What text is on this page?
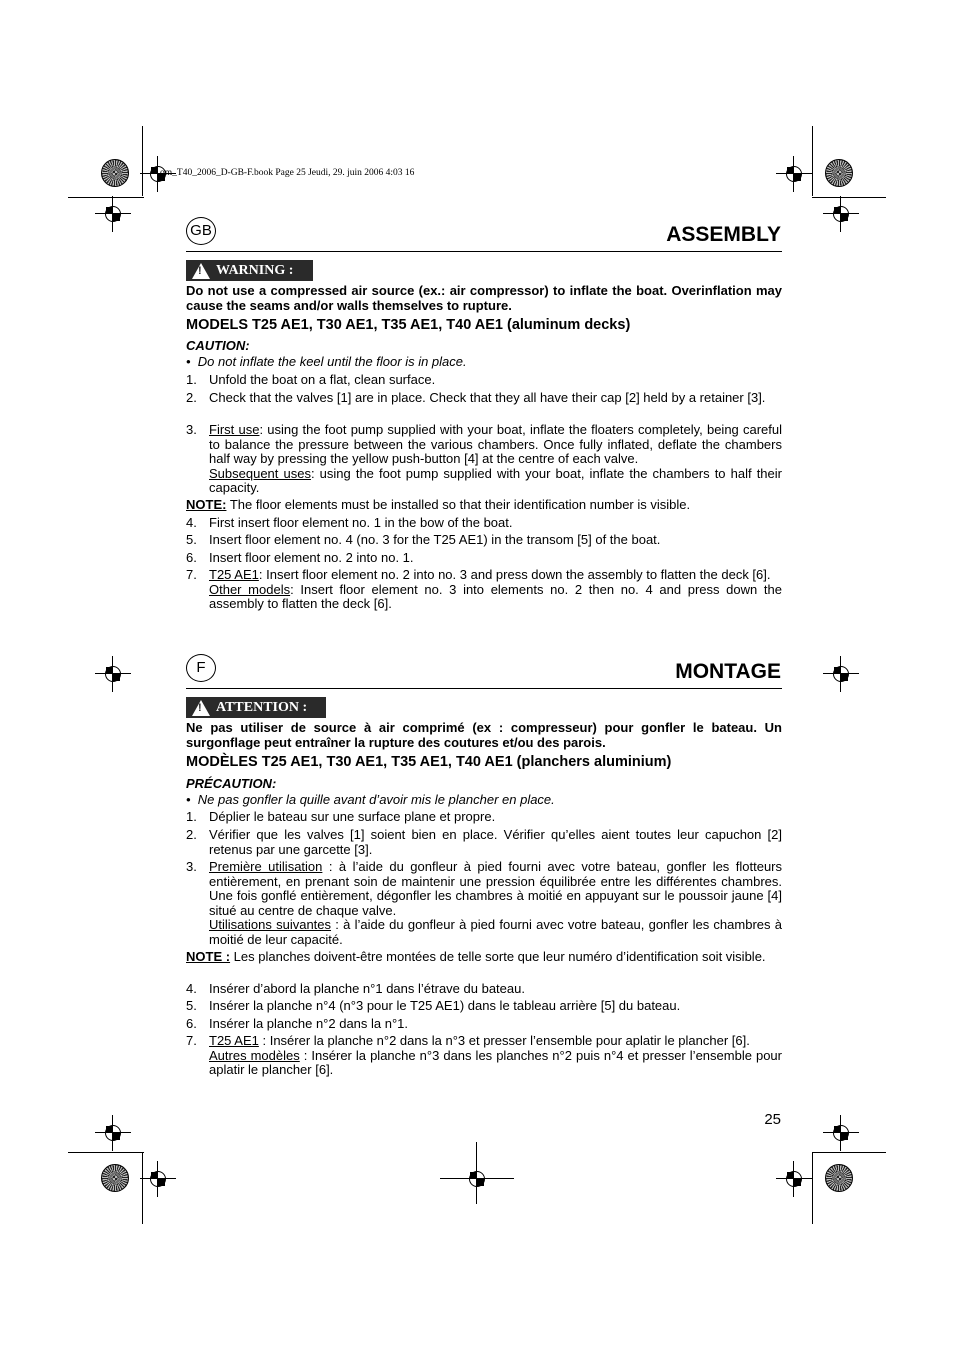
om_T40_2006_D-GB-F.book Page 25 Jeudi, 29. juin 2006 4:03 16
GB	ASSEMBLY
!
WARNING :
Do not use a compressed air source (ex.: air compressor) to inflate the boat. Overinflation may cause the seams and/or walls themselves to rupture.
MODELS T25 AE1, T30 AE1, T35 AE1, T40 AE1 (aluminum decks)
CAUTION:
• Do not inflate the keel until the floor is in place.
1. Unfold the boat on a flat, clean surface.
2. Check that the valves [1] are in place. Check that they all have their cap [2] held by a retainer [3].
3. First use: using the foot pump supplied with your boat, inflate the floaters completely, being careful to balance the pressure between the various chambers. Once fully inflated, deflate the chambers half way by pressing the yellow push-button [4] at the centre of each valve.
Subsequent uses: using the foot pump supplied with your boat, inflate the chambers to half their capacity.
NOTE: The floor elements must be installed so that their identification number is visible.
4. First insert floor element no. 1 in the bow of the boat.
5. Insert floor element no. 4 (no. 3 for the T25 AE1) in the transom [5] of the boat.
6. Insert floor element no. 2 into no. 1.
7. T25 AE1: Insert floor element no. 2 into no. 3 and press down the assembly to flatten the deck [6].
Other models: Insert floor element no. 3 into elements no. 2 then no. 4 and press down the assembly to flatten the deck [6].
F	MONTAGE
!
ATTENTION :
Ne pas utiliser de source à air comprimé (ex : compresseur) pour gonfler le bateau. Un surgonflage peut entraîner la rupture des coutures et/ou des parois.
MODÈLES T25 AE1, T30 AE1, T35 AE1, T40 AE1 (planchers aluminium)
PRÉCAUTION:
• Ne pas gonfler la quille avant d’avoir mis le plancher en place.
1. Déplier le bateau sur une surface plane et propre.
2. Vérifier que les valves [1] soient bien en place. Vérifier qu’elles aient toutes leur capuchon [2] retenus par une garcette [3].
3. Première utilisation : à l’aide du gonfleur à pied fourni avec votre bateau, gonfler les flotteurs entièrement, en prenant soin de maintenir une pression équilibrée entre les différentes chambres. Une fois gonflé entièrement, dégonfler les chambres à moitié en appuyant sur le poussoir jaune [4] situé au centre de chaque valve.
Utilisations suivantes : à l’aide du gonfleur à pied fourni avec votre bateau, gonfler les chambres à moitié de leur capacité.
NOTE : Les planches doivent-être montées de telle sorte que leur numéro d’identification soit visible.
4. Insérer d’abord la planche n°1 dans l’étrave du bateau.
5. Insérer la planche n°4 (n°3 pour le T25 AE1) dans le tableau arrière [5] du bateau.
6. Insérer la planche n°2 dans la n°1.
7. T25 AE1 : Insérer la planche n°2 dans la n°3 et presser l’ensemble pour aplatir le plancher [6].
Autres modèles : Insérer la planche n°3 dans les planches n°2 puis n°4 et presser l’ensemble pour aplatir le plancher [6].
25
